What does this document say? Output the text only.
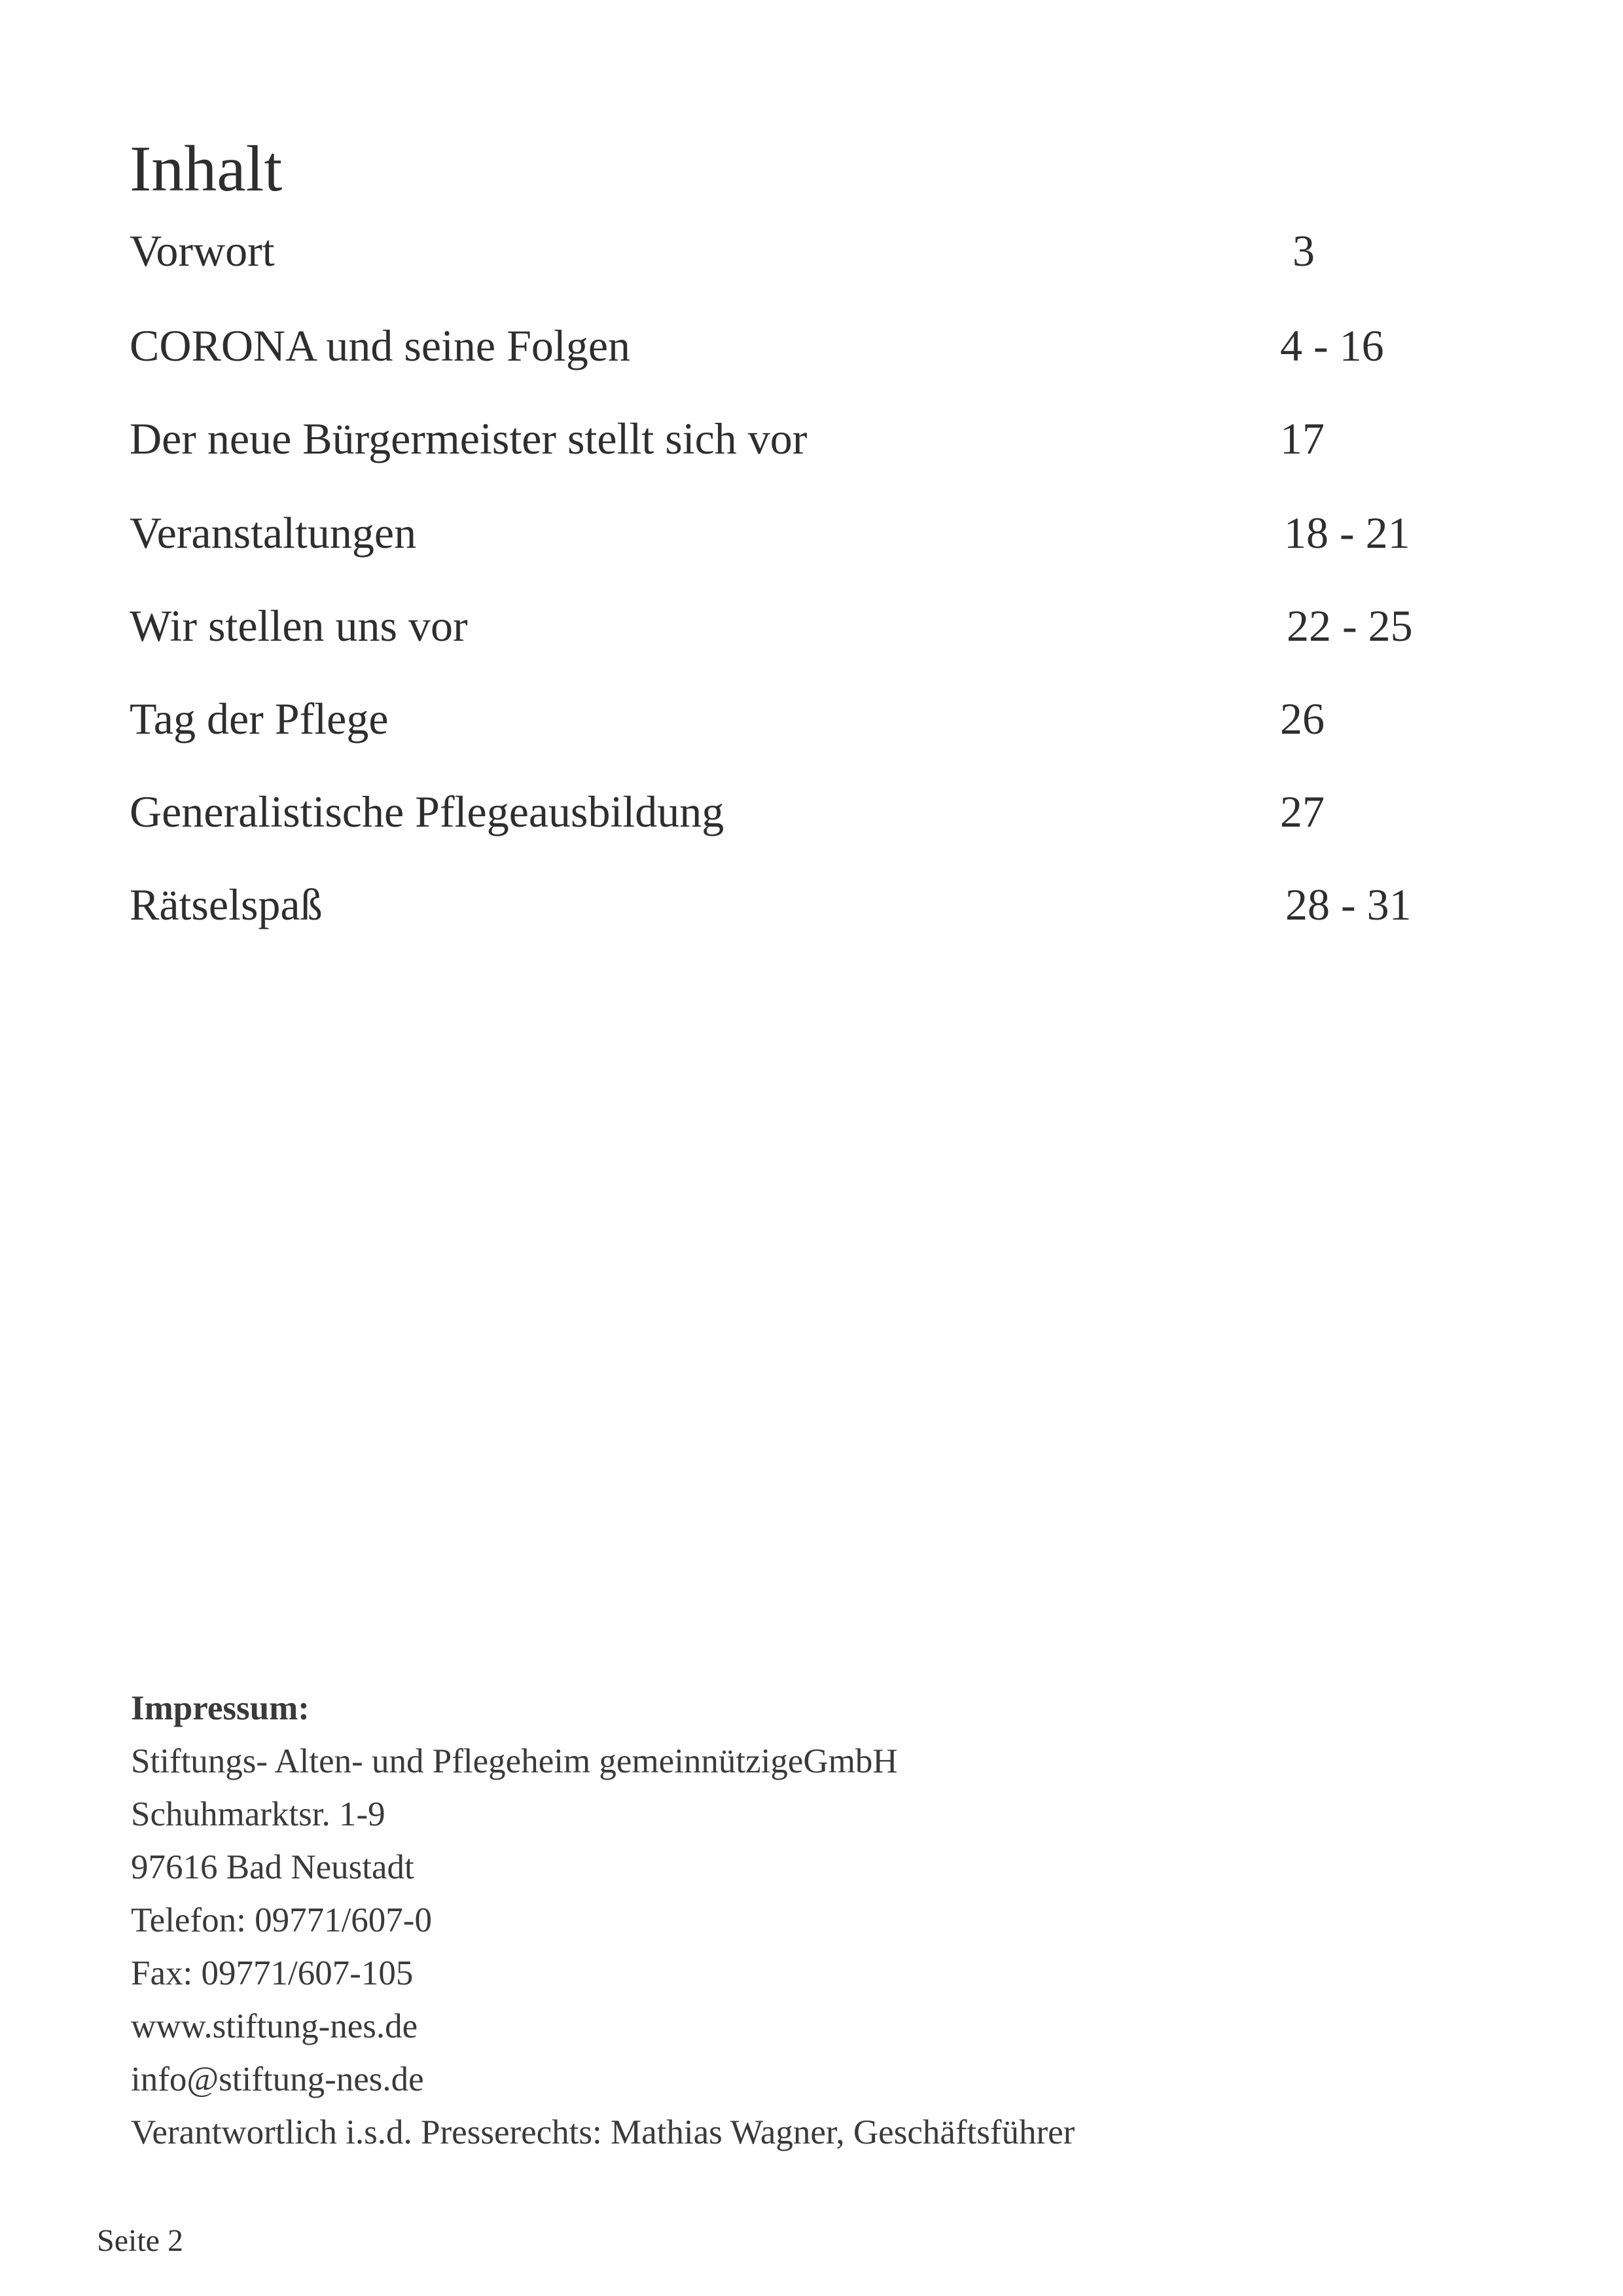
Inhalt
Vorwort	3
CORONA und seine Folgen	4 - 16
Der neue Bürgermeister stellt sich vor	17
Veranstaltungen	18 - 21
Wir stellen uns vor	22 - 25
Tag der Pflege	26
Generalistische Pflegeausbildung	27
Rätselspaß	28 - 31
Impressum:
Stiftungs- Alten- und Pflegeheim gemeinnützigeGmbH
Schuhmarktsr. 1-9
97616 Bad Neustadt
Telefon: 09771/607-0
Fax: 09771/607-105
www.stiftung-nes.de
info@stiftung-nes.de
Verantwortlich i.s.d. Presserechts: Mathias Wagner, Geschäftsführer
Seite 2
